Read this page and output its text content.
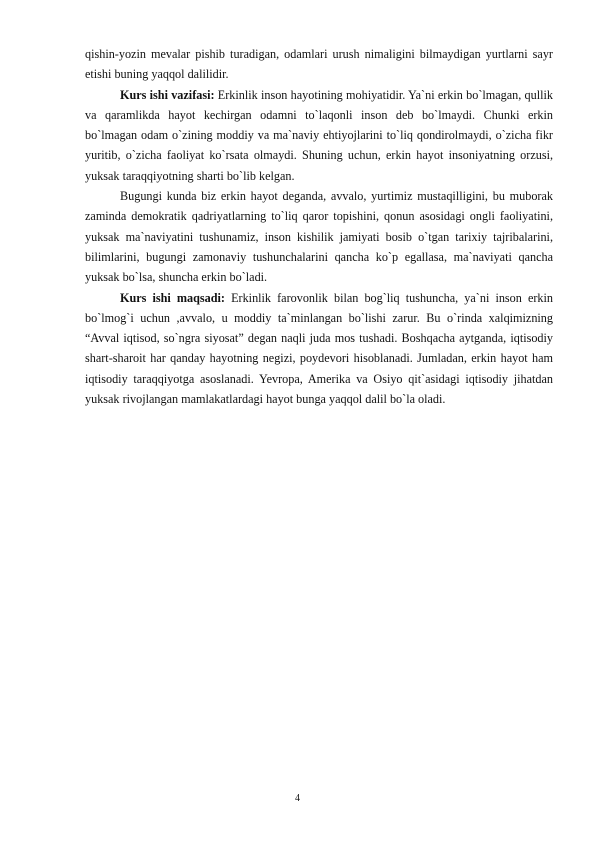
qishin-yozin mevalar pishib turadigan, odamlari urush nimaligini bilmaydigan yurtlarni sayr etishi buning yaqqol dalilidir.

Kurs ishi vazifasi: Erkinlik inson hayotining mohiyatidir. Ya`ni erkin bo`lmagan, qullik va qaramlikda hayot kechirgan odamni to`laqonli inson deb bo`lmaydi. Chunki erkin bo`lmagan odam o`zining moddiy va ma`naviy ehtiyojlarini to`liq qondirolmaydi, o`zicha fikr yuritib, o`zicha faoliyat ko`rsata olmaydi. Shuning uchun, erkin hayot insoniyatning orzusi, yuksak taraqqiyotning sharti bo`lib kelgan.

Bugungi kunda biz erkin hayot deganda, avvalo, yurtimiz mustaqilligini, bu muborak zaminda demokratik qadriyatlarning to`liq qaror topishini, qonun asosidagi ongli faoliyatini, yuksak ma`naviyatini tushunamiz, inson kishilik jamiyati bosib o`tgan tarixiy tajribalarini, bilimlarini, bugungi zamonaviy tushunchalarini qancha ko`p egallasa, ma`naviyati qancha yuksak bo`lsa, shuncha erkin bo`ladi.

Kurs ishi maqsadi: Erkinlik farovonlik bilan bog`liq tushuncha, ya`ni inson erkin bo`lmog`i uchun ,avvalo, u moddiy ta`minlangan bo`lishi zarur. Bu o`rinda xalqimizning “Avval iqtisod, so`ngra siyosat” degan naqli juda mos tushadi. Boshqacha aytganda, iqtisodiy shart-sharoit har qanday hayotning negizi, poydevori hisoblanadi. Jumladan, erkin hayot ham iqtisodiy taraqqiyotga asoslanadi. Yevropa, Amerika va Osiyo qit`asidagi iqtisodiy jihatdan yuksak rivojlangan mamlakatlardagi hayot bunga yaqqol dalil bo`la oladi.

4
